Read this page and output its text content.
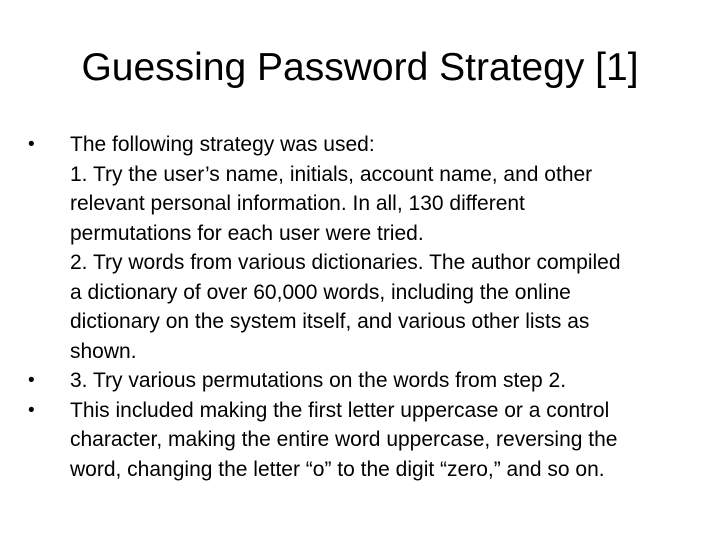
Guessing Password Strategy [1]
•	The following strategy was used:
1. Try the user’s name, initials, account name, and other
relevant personal information. In all, 130 different
permutations for each user were tried.
2. Try words from various dictionaries. The author compiled
a dictionary of over 60,000 words, including the online
dictionary on the system itself, and various other lists as
shown.
•	3. Try various permutations on the words from step 2.
•	This included making the first letter uppercase or a control
character, making the entire word uppercase, reversing the
word, changing the letter “o” to the digit “zero,” and so on.
